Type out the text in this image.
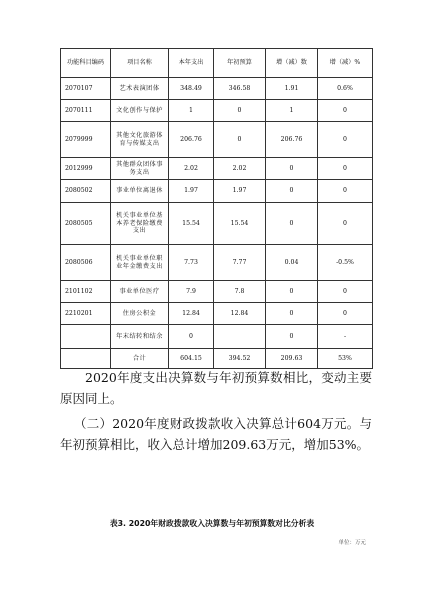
功能科目编码	项目名称	本年支出	年初预算	增（减）数	增（减）%
2070107	艺术表演团体	348.49	346.58	1.91	0.6%
2070111	文化创作与保护	1	0	1	0
2079999	其他文化旅游体育与传媒支出	206.76	0	206.76	0
2012999	其他群众团体事务支出	2.02	2.02	0	0
2080502	事业单位离退休	1.97	1.97	0	0
2080505	机关事业单位基本养老保险缴费支出	15.54	15.54	0	0
2080506	机关事业单位职业年金缴费支出	7.73	7.77	0.04	-0.5%
2101102	事业单位医疗	7.9	7.8	0	0
2210201	住房公积金	12.84	12.84	0	0
	年末结转和结余	0		0	-
	合计	604.15	394.52	209.63	53%

2020年度支出决算数与年初预算数相比，变动主要原因同上。

（二）2020年度财政拨款收入决算总计604万元。与年初预算相比，收入总计增加209.63万元，增加53%。

表3. 2020年财政拨款收入决算数与年初预算数对比分析表
单位：万元
